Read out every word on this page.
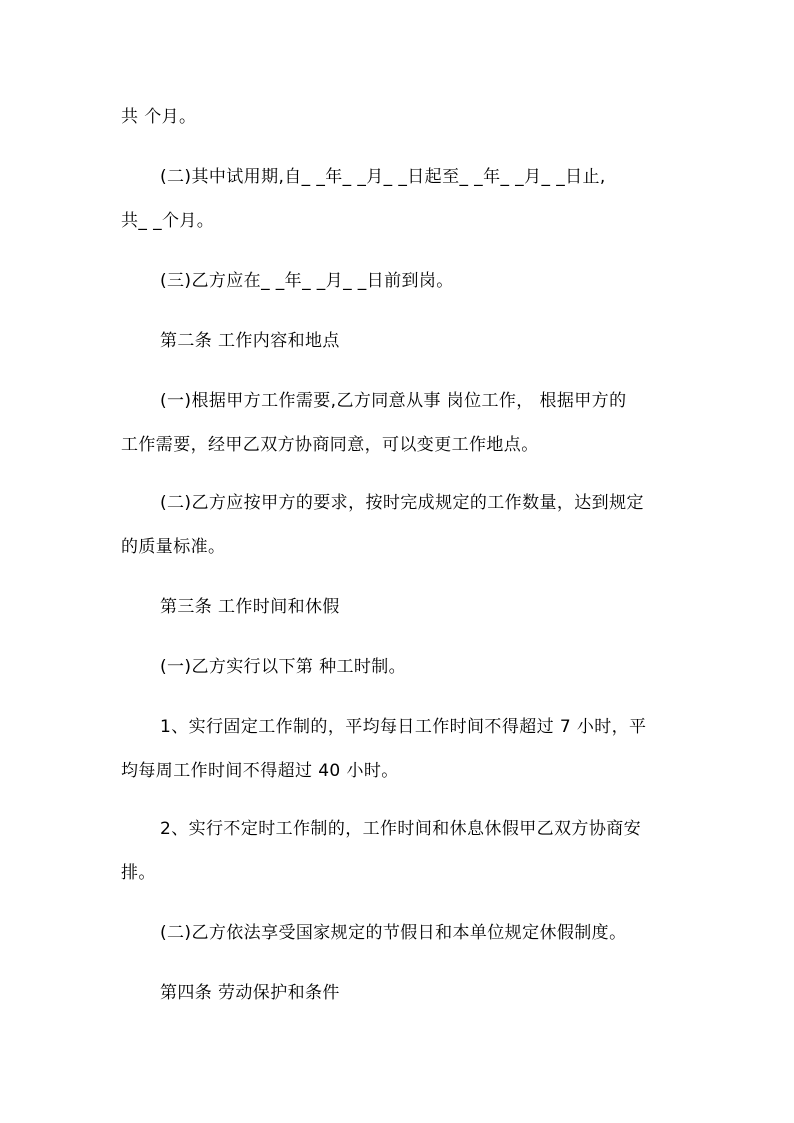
共 个月。
(二)其中试用期,自_ _年_ _月_ _日起至_ _年_ _月_ _日止,
共_ _个月。
(三)乙方应在_ _年_ _月_ _日前到岗。
第二条 工作内容和地点
(一)根据甲方工作需要,乙方同意从事 岗位工作， 根据甲方的
工作需要，经甲乙双方协商同意，可以变更工作地点。
(二)乙方应按甲方的要求，按时完成规定的工作数量，达到规定
的质量标准。
第三条 工作时间和休假
(一)乙方实行以下第 种工时制。
1、实行固定工作制的，平均每日工作时间不得超过 7 小时，平
均每周工作时间不得超过 40 小时。
2、实行不定时工作制的，工作时间和休息休假甲乙双方协商安
排。
(二)乙方依法享受国家规定的节假日和本单位规定休假制度。
第四条 劳动保护和条件
